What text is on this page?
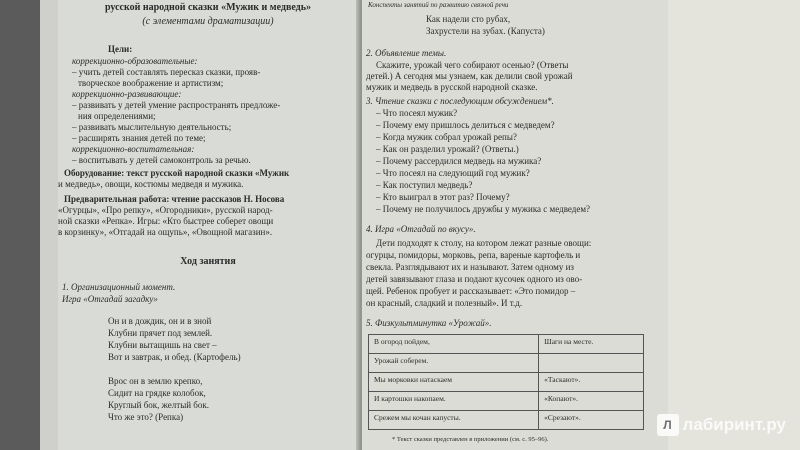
русской народной сказки «Мужик и медведь»
(с элементами драматизации)
Цели:
коррекционно-образовательные:
– учить детей составлять пересказ сказки, прояв-
творческое воображение и артистизм;
коррекционно-развивающие:
– развивать у детей умение распространять предложе-
ния определениями;
– развивать мыслительную деятельность;
– расширять знания детей по теме;
коррекционно-воспитательная:
– воспитывать у детей самоконтроль за речью.
Оборудование: текст русской народной сказки «Мужик
и медведь», овощи, костюмы медведя и мужика.
Предварительная работа: чтение рассказов Н. Носова
«Огурцы», «Про репку», «Огородники», русской народ-
ной сказки «Репка». Игры: «Кто быстрее соберет овощи
в корзинку», «Отгадай на ощупь», «Овощной магазин».
Ход занятия
1. Организационный момент.
Игра «Отгадай загадку»
Он и в дождик, он и в зной
Клубни прячет под землей.
Клубни вытащишь на свет –
Вот и завтрак, и обед. (Картофель)
Вроc он в землю крепко,
Сидит на грядке колобок,
Круглый бок, желтый бок.
Что же это? (Репка)
Конспекты занятий по развитию связной речи
Как надели сто рубах,
Захрустели на зубах. (Капуста)
2. Объявление темы.
Скажите, урожай чего собирают осенью? (Ответы
детей.) А сегодня мы узнаем, как делили свой урожай
мужик и медведь в русской народной сказке.
3. Чтение сказки с последующим обсуждением*.
– Что посеял мужик?
– Почему ему пришлось делиться с медведем?
– Когда мужик собрал урожай репы?
– Как он разделил урожай? (Ответы.)
– Почему рассердился медведь на мужика?
– Что посеял на следующий год мужик?
– Как поступил медведь?
– Кто выиграл в этот раз? Почему?
– Почему не получилось дружбы у мужика с медведем?
4. Игра «Отгадай по вкусу».
Дети подходят к столу, на котором лежат разные овощи:
огурцы, помидоры, морковь, репа, вареные картофель и
свекла. Разглядывают их и называют. Затем одному из
детей завязывают глаза и подают кусочек одного из ово-
щей. Ребенок пробует и рассказывает: «Это помидор –
он красный, сладкий и полезный». И т.д.
5. Физкультминутка «Урожай».
В огород пойдем,	Шаги на месте.
Урожай соберем.	
Мы морковки натаскаем	«Таскают».
И картошки накопаем.	«Копают».
Срежем мы кочан капусты.	«Срезают».
* Текст сказки представлен в приложении (см. с. 95–96).
Л лабиринт.ру
